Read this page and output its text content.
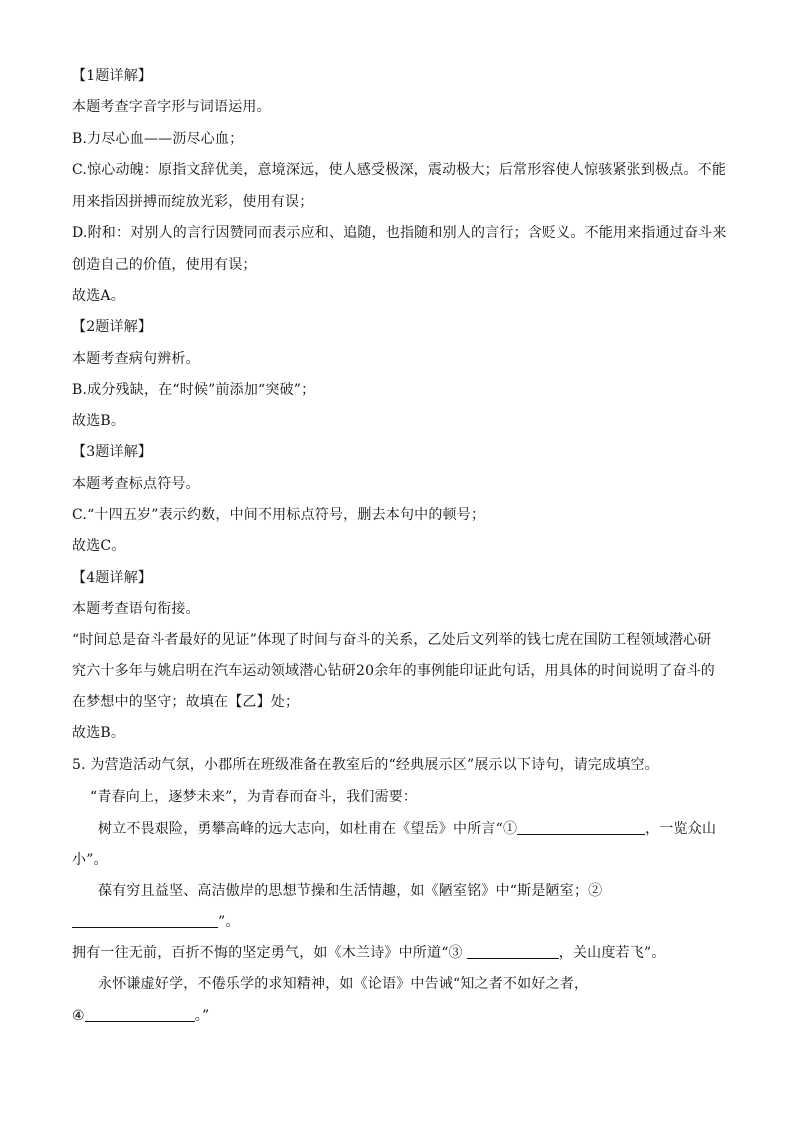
【1题详解】
本题考查字音字形与词语运用。
B.力尽心血——沥尽心血；
C.惊心动魄：原指文辞优美，意境深远，使人感受极深，震动极大；后常形容使人惊骇紧张到极点。不能
用来指因拼搏而绽放光彩，使用有误；
D.附和：对别人的言行因赞同而表示应和、追随，也指随和别人的言行；含贬义。不能用来指通过奋斗来
创造自己的价值，使用有误；
故选A。
【2题详解】
本题考查病句辨析。
B.成分残缺，在“时候”前添加“突破”；
故选B。
【3题详解】
本题考查标点符号。
C.“十四五岁”表示约数，中间不用标点符号，删去本句中的顿号；
故选C。
【4题详解】
本题考查语句衔接。
“时间总是奋斗者最好的见证”体现了时间与奋斗的关系，乙处后文列举的钱七虎在国防工程领域潜心研
究六十多年与姚启明在汽车运动领域潜心钻研20余年的事例能印证此句话，用具体的时间说明了奋斗的
在梦想中的坚守；故填在【乙】处；
故选B。
5. 为营造活动气氛，小郡所在班级准备在教室后的“经典展示区”展示以下诗句，请完成填空。
“青春向上，逐梦未来”，为青春而奋斗，我们需要：
树立不畏艰险，勇攀高峰的远大志向，如杜甫在《望岳》中所言“①	，一览众山
小”。
葆有穷且益坚、高洁傲岸的思想节操和生活情趣，如《陋室铭》中“斯是陋室；②
”。
拥有一往无前，百折不悔的坚定勇气，如《木兰诗》中所道“③	，关山度若飞”。
永怀谦虚好学，不倦乐学的求知精神，如《论语》中告诫“知之者不如好之者，
④	。”
